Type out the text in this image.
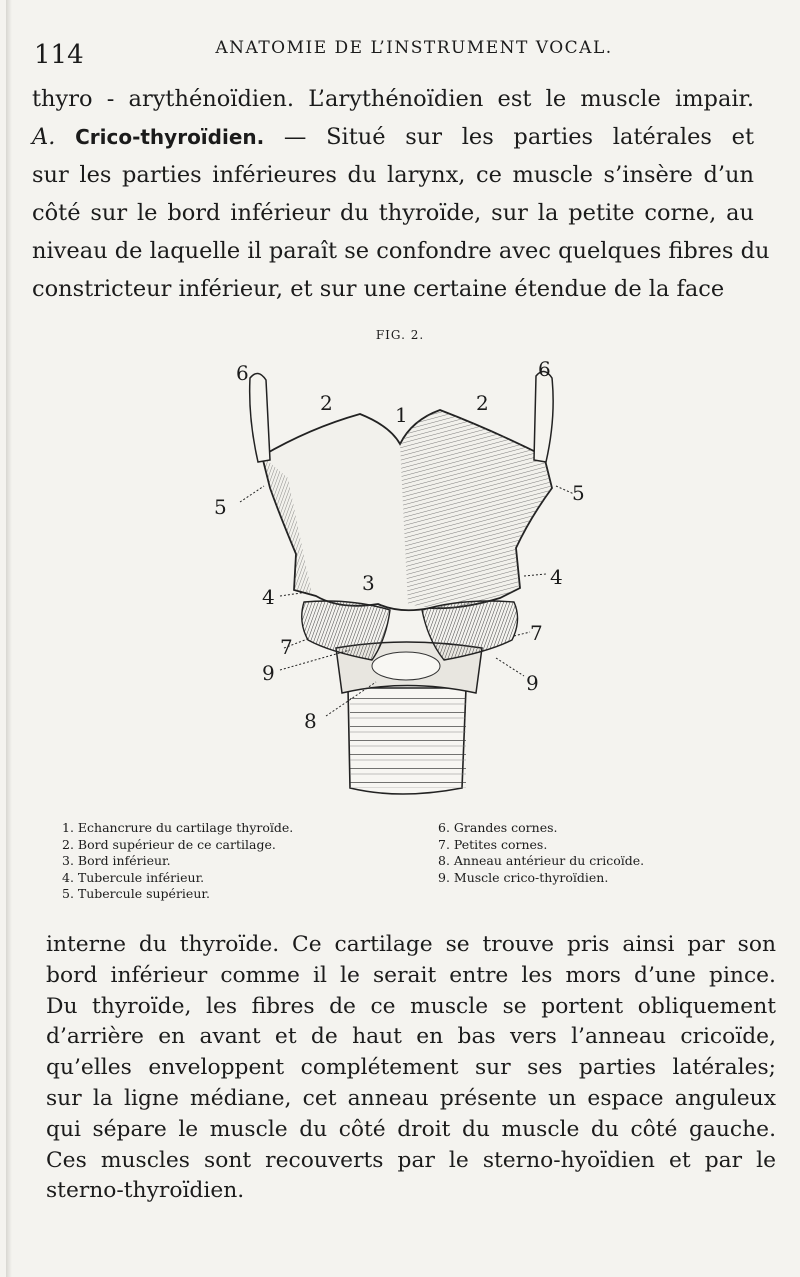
114	ANATOMIE DE L’INSTRUMENT VOCAL.
thyro - arythénoïdien. L’arythénoïdien est le muscle impair.
A. Crico-thyroïdien. — Situé sur les parties latérales et
sur les parties inférieures du larynx, ce muscle s’insère d’un
côté sur le bord inférieur du thyroïde, sur la petite corne, au
niveau de laquelle il paraît se confondre avec quelques fibres du
constricteur inférieur, et sur une certaine étendue de la face
FIG. 2.
6	6
2	1	2
5
5
3
4
4
7
7
9	9
8
1. Echancrure du cartilage thyroïde.
2. Bord supérieur de ce cartilage.
3. Bord inférieur.
4. Tubercule inférieur.
5. Tubercule supérieur.
6. Grandes cornes.
7. Petites cornes.
8. Anneau antérieur du cricoïde.
9. Muscle crico-thyroïdien.
interne du thyroïde. Ce cartilage se trouve pris ainsi par son
bord inférieur comme il le serait entre les mors d’une pince.
Du thyroïde, les fibres de ce muscle se portent obliquement
d’arrière en avant et de haut en bas vers l’anneau cricoïde,
qu’elles enveloppent complétement sur ses parties latérales;
sur la ligne médiane, cet anneau présente un espace anguleux
qui sépare le muscle du côté droit du muscle du côté gauche.
Ces muscles sont recouverts par le sterno-hyoïdien et par le
sterno-thyroïdien.
